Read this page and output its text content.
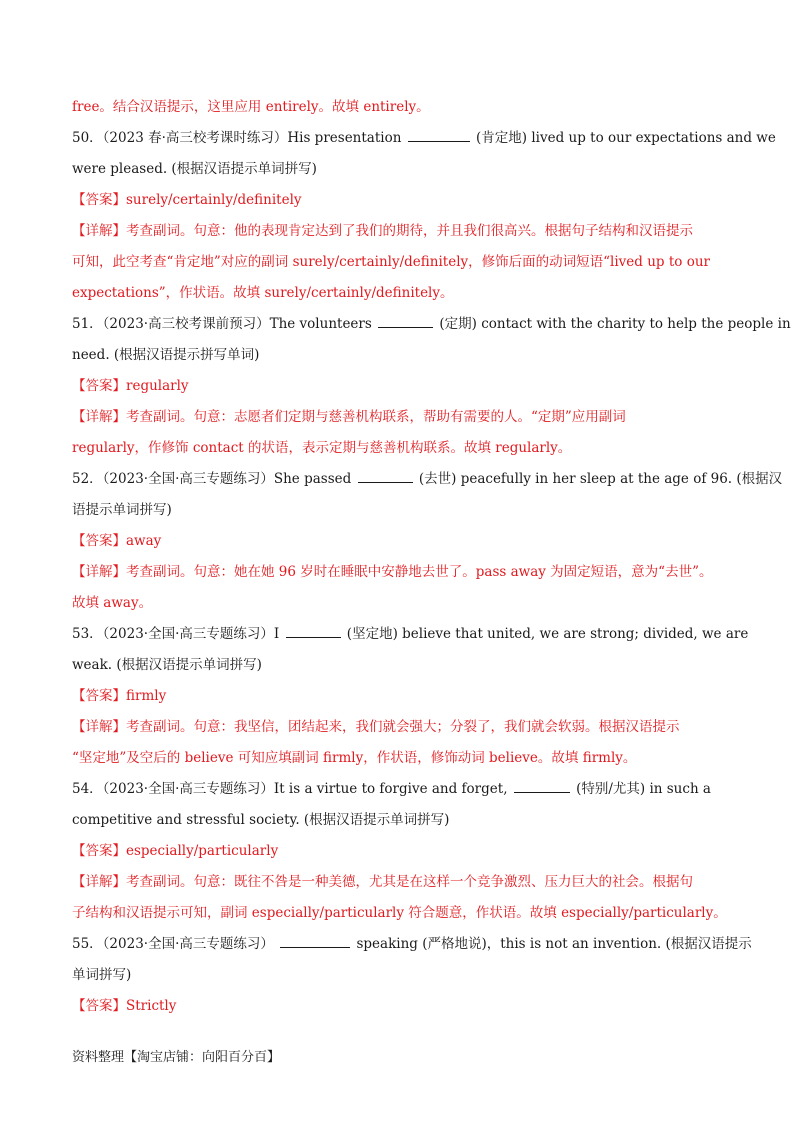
free。结合汉语提示，这里应用 entirely。故填 entirely。
50．（2023 春·高三校考课时练习）His presentation	(肯定地) lived up to our expectations and we
were pleased. (根据汉语提示单词拼写)
【答案】surely/certainly/definitely
【详解】考查副词。句意：他的表现肯定达到了我们的期待，并且我们很高兴。根据句子结构和汉语提示
可知，此空考查“肯定地”对应的副词 surely/certainly/definitely，修饰后面的动词短语“lived up to our
expectations”，作状语。故填 surely/certainly/definitely。
51．（2023·高三校考课前预习）The volunteers	(定期) contact with the charity to help the people in
need. (根据汉语提示拼写单词)
【答案】regularly
【详解】考查副词。句意：志愿者们定期与慈善机构联系，帮助有需要的人。“定期”应用副词
regularly，作修饰 contact 的状语，表示定期与慈善机构联系。故填 regularly。
52．（2023·全国·高三专题练习）She passed	(去世) peacefully in her sleep at the age of 96. (根据汉
语提示单词拼写)
【答案】away
【详解】考查副词。句意：她在她 96 岁时在睡眠中安静地去世了。pass away 为固定短语，意为“去世”。
故填 away。
53．（2023·全国·高三专题练习）I	(坚定地) believe that united, we are strong; divided, we are
weak. (根据汉语提示单词拼写)
【答案】firmly
【详解】考查副词。句意：我坚信，团结起来，我们就会强大；分裂了，我们就会软弱。根据汉语提示
“坚定地”及空后的 believe 可知应填副词 firmly，作状语，修饰动词 believe。故填 firmly。
54．（2023·全国·高三专题练习）It is a virtue to forgive and forget,	(特别/尤其) in such a
competitive and stressful society. (根据汉语提示单词拼写)
【答案】especially/particularly
【详解】考查副词。句意：既往不咎是一种美德，尤其是在这样一个竞争激烈、压力巨大的社会。根据句
子结构和汉语提示可知，副词 especially/particularly 符合题意，作状语。故填 especially/particularly。
55．（2023·全国·高三专题练习）	speaking (严格地说)，this is not an invention. (根据汉语提示
单词拼写)
【答案】Strictly
资料整理【淘宝店铺：向阳百分百】
